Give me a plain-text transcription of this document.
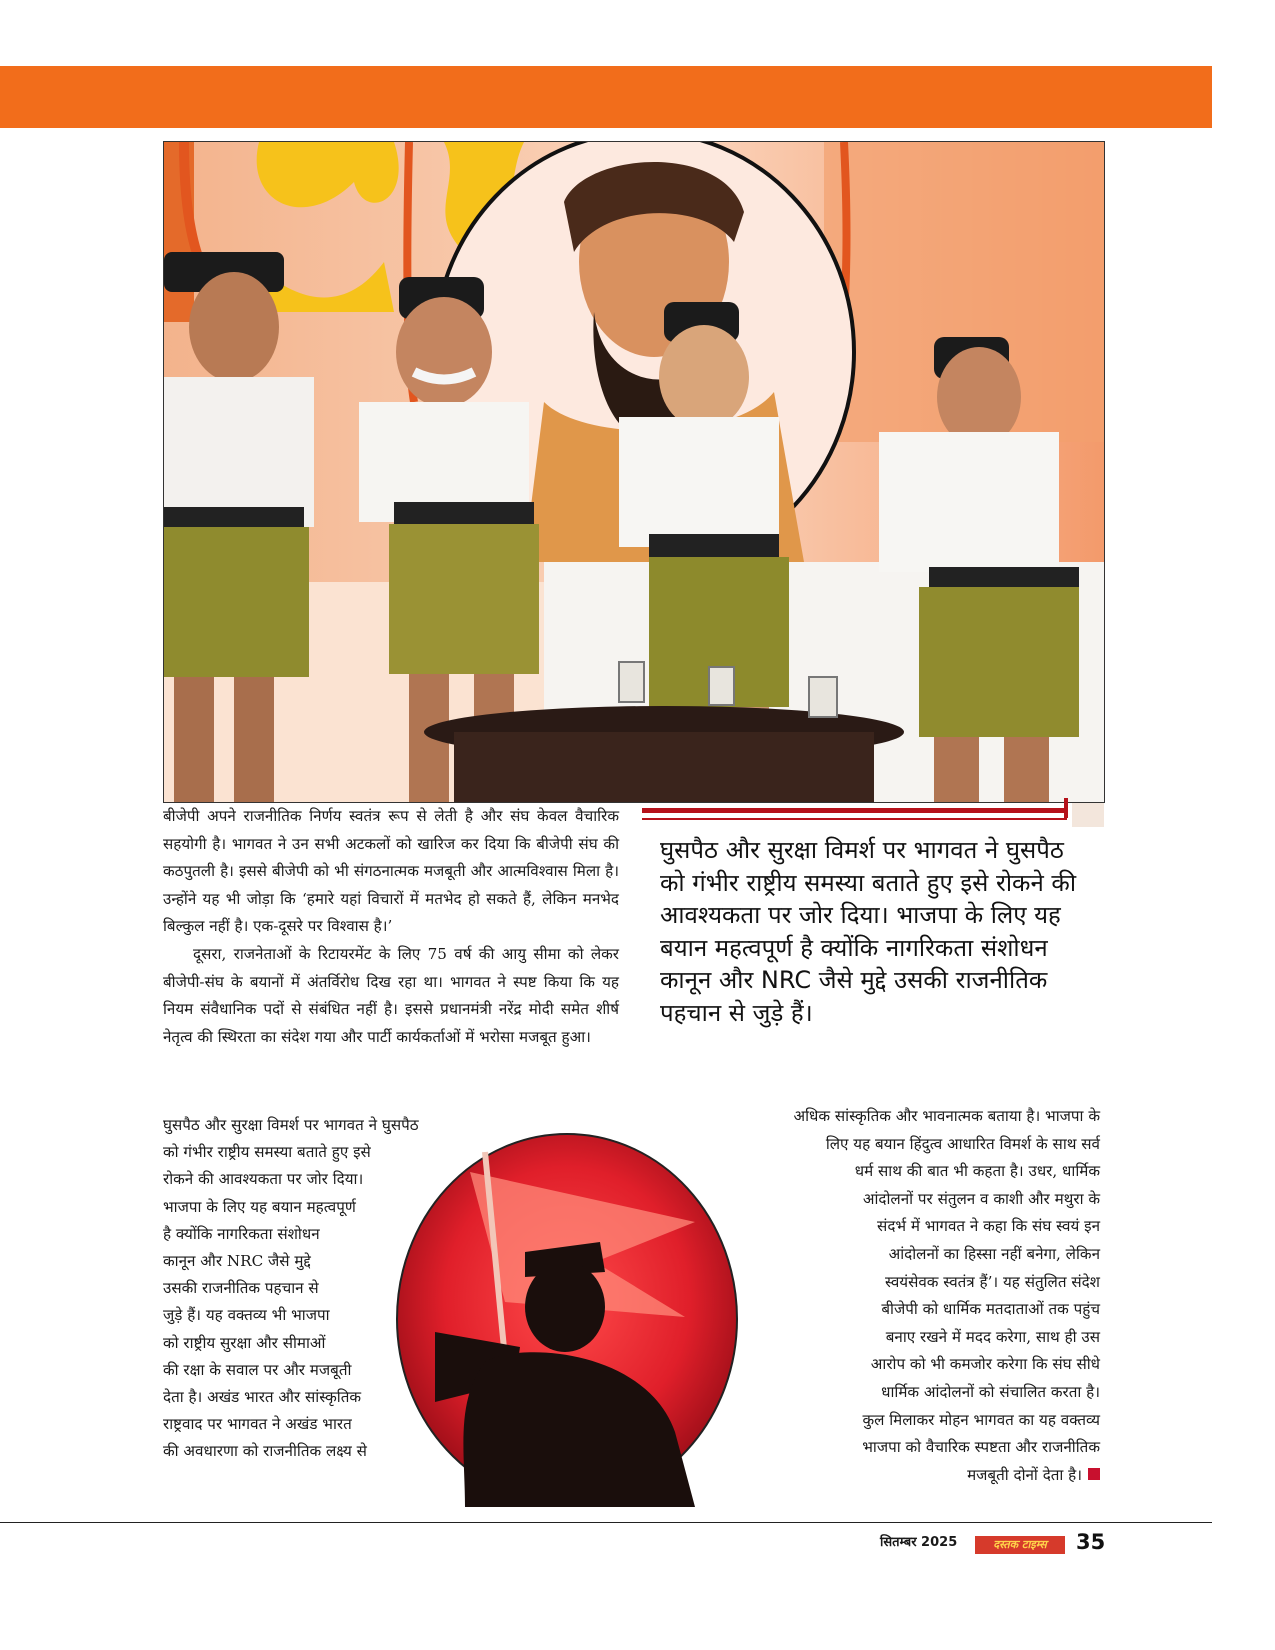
बीजेपी अपने राजनीतिक निर्णय स्वतंत्र रूप से लेती है और संघ केवल वैचारिक सहयोगी है। भागवत ने उन सभी अटकलों को खारिज कर दिया कि बीजेपी संघ की कठपुतली है। इससे बीजेपी को भी संगठनात्मक मजबूती और आत्मविश्वास मिला है। उन्होंने यह भी जोड़ा कि ‘हमारे यहां विचारों में मतभेद हो सकते हैं, लेकिन मनभेद बिल्कुल नहीं है। एक-दूसरे पर विश्वास है।’

दूसरा, राजनेताओं के रिटायरमेंट के लिए 75 वर्ष की आयु सीमा को लेकर बीजेपी-संघ के बयानों में अंतर्विरोध दिख रहा था। भागवत ने स्पष्ट किया कि यह नियम संवैधानिक पदों से संबंधित नहीं है। इससे प्रधानमंत्री नरेंद्र मोदी समेत शीर्ष नेतृत्व की स्थिरता का संदेश गया और पार्टी कार्यकर्ताओं में भरोसा मजबूत हुआ।

घुसपैठ और सुरक्षा विमर्श पर भागवत ने घुसपैठ को गंभीर राष्ट्रीय समस्या बताते हुए इसे रोकने की आवश्यकता पर जोर दिया। भाजपा के लिए यह बयान महत्वपूर्ण है क्योंकि नागरिकता संशोधन कानून और NRC जैसे मुद्दे उसकी राजनीतिक पहचान से जुड़े हैं।

घुसपैठ और सुरक्षा विमर्श पर भागवत ने घुसपैठ
को गंभीर राष्ट्रीय समस्या बताते हुए इसे
रोकने की आवश्यकता पर जोर दिया।
भाजपा के लिए यह बयान महत्वपूर्ण
है क्योंकि नागरिकता संशोधन
कानून और NRC जैसे मुद्दे
उसकी राजनीतिक पहचान से
जुड़े हैं। यह वक्तव्य भी भाजपा
को राष्ट्रीय सुरक्षा और सीमाओं
की रक्षा के सवाल पर और मजबूती
देता है। अखंड भारत और सांस्कृतिक
राष्ट्रवाद पर भागवत ने अखंड भारत
की अवधारणा को राजनीतिक लक्ष्य से
अधिक सांस्कृतिक और भावनात्मक बताया है। भाजपा के
लिए यह बयान हिंदुत्व आधारित विमर्श के साथ सर्व
धर्म साथ की बात भी कहता है। उधर, धार्मिक
आंदोलनों पर संतुलन व काशी और मथुरा के
संदर्भ में भागवत ने कहा कि संघ स्वयं इन
आंदोलनों का हिस्सा नहीं बनेगा, लेकिन
स्वयंसेवक स्वतंत्र हैं’। यह संतुलित संदेश
बीजेपी को धार्मिक मतदाताओं तक पहुंच
बनाए रखने में मदद करेगा, साथ ही उस
आरोप को भी कमजोर करेगा कि संघ सीधे
धार्मिक आंदोलनों को संचालित करता है।
कुल मिलाकर मोहन भागवत का यह वक्तव्य
भाजपा को वैचारिक स्पष्टता और राजनीतिक
मजबूती दोनों देता है।
सितम्बर 2025	दस्तक टाइम्स	35
